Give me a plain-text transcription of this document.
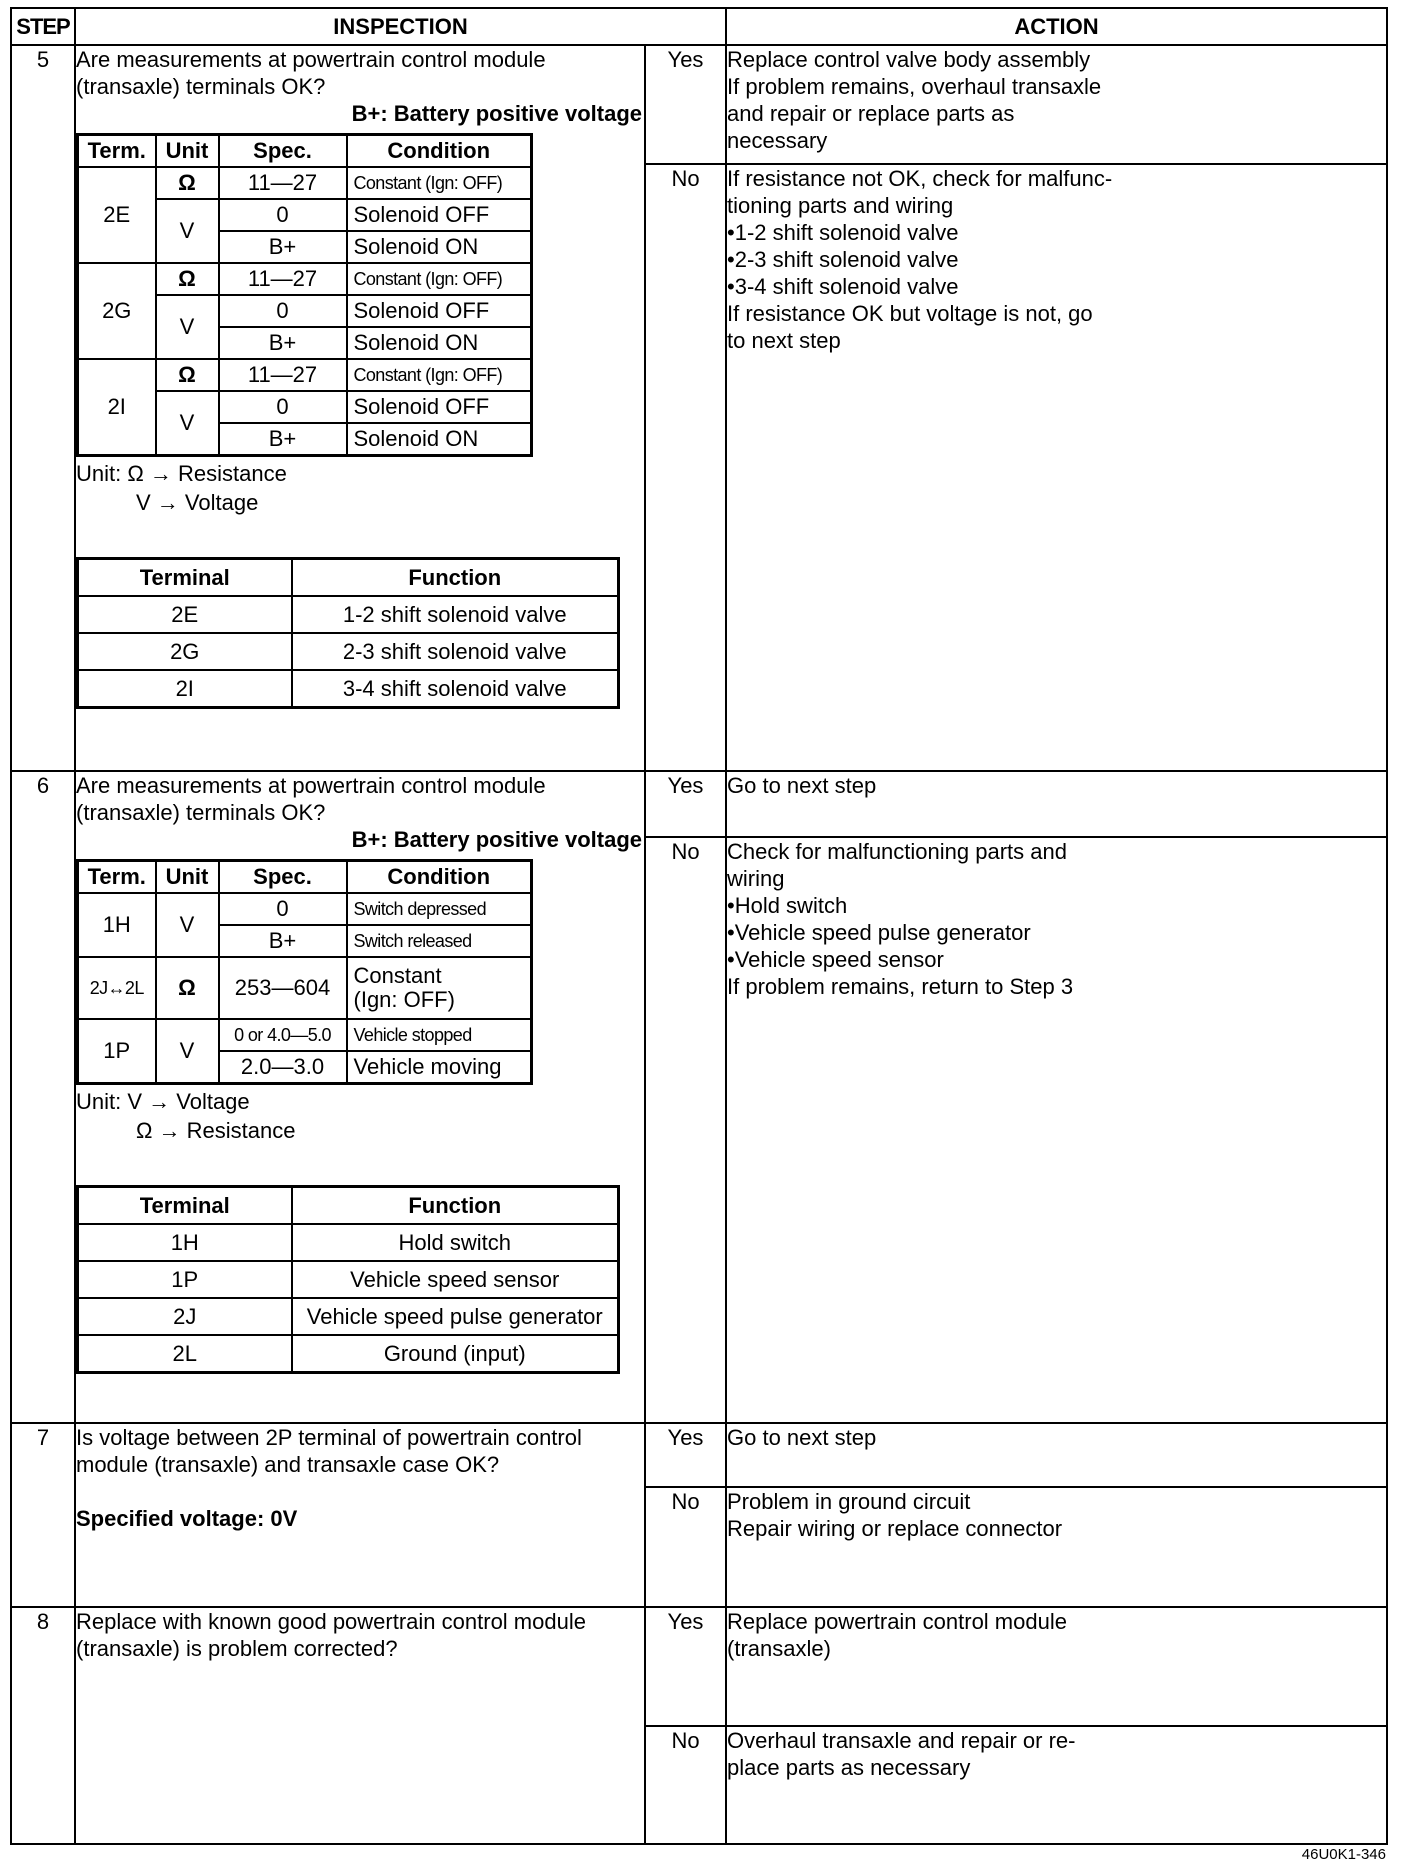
STEP	INSPECTION	ACTION
5	Are measurements at powertrain control module (transaxle) terminals OK?

B+: Battery positive voltage

Term.	Unit	Spec.	Condition
2E	Ω	11—27	Constant (Ign: OFF)
V	0	Solenoid OFF
B+	Solenoid ON
2G	Ω	11—27	Constant (Ign: OFF)
V	0	Solenoid OFF
B+	Solenoid ON
2I	Ω	11—27	Constant (Ign: OFF)
V	0	Solenoid OFF
B+	Solenoid ON
Unit: Ω → Resistance
V → Voltage
Terminal	Function
2E	1-2 shift solenoid valve
2G	2-3 shift solenoid valve
2I	3-4 shift solenoid valve
	Yes	Replace control valve body assembly
If problem remains, overhaul transaxle
and repair or replace parts as
necessary

No	If resistance not OK, check for malfunc-
tioning parts and wiring
• 1-2 shift solenoid valve
• 2-3 shift solenoid valve
• 3-4 shift solenoid valve
If resistance OK but voltage is not, go
to next step

6	Are measurements at powertrain control module (transaxle) terminals OK?

B+: Battery positive voltage

Term.	Unit	Spec.	Condition
1H	V	0	Switch depressed
B+	Switch released
2J↔2L	Ω	253—604	Constant
(Ign: OFF)

1P	V	0 or 4.0—5.0	Vehicle stopped
2.0—3.0	Vehicle moving
Unit: V → Voltage
Ω → Resistance
Terminal	Function
1H	Hold switch
1P	Vehicle speed sensor
2J	Vehicle speed pulse generator
2L	Ground (input)
	Yes	Go to next step

No	Check for malfunctioning parts and
wiring
• Hold switch
• Vehicle speed pulse generator
• Vehicle speed sensor
If problem remains, return to Step 3

7	Is voltage between 2P terminal of powertrain control module (transaxle) and transaxle case OK?

Specified voltage: 0V

	Yes	Go to next step

No	Problem in ground circuit
Repair wiring or replace connector

8	Replace with known good powertrain control module (transaxle) is problem corrected?

	Yes	Replace powertrain control module
(transaxle)

No	Overhaul transaxle and repair or re-
place parts as necessary
46U0K1-346
